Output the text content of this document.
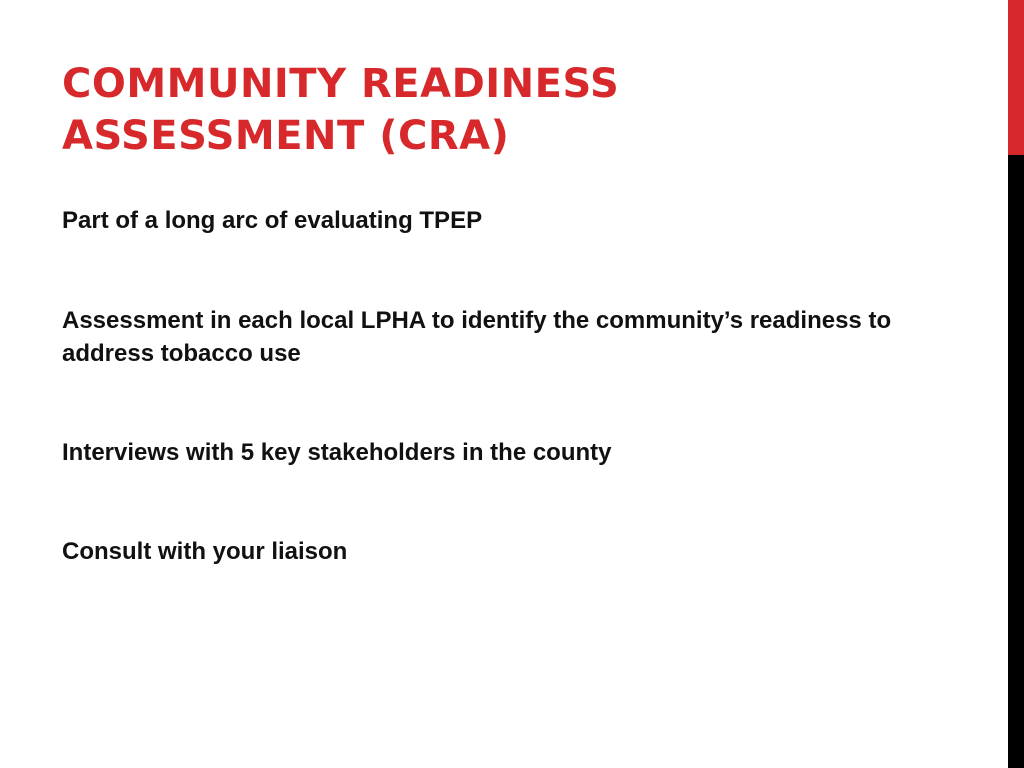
COMMUNITY READINESS
ASSESSMENT (CRA)

Part of a long arc of evaluating TPEP

Assessment in each local LPHA to identify the community’s readiness to address tobacco use

Interviews with 5 key stakeholders in the county

Consult with your liaison
